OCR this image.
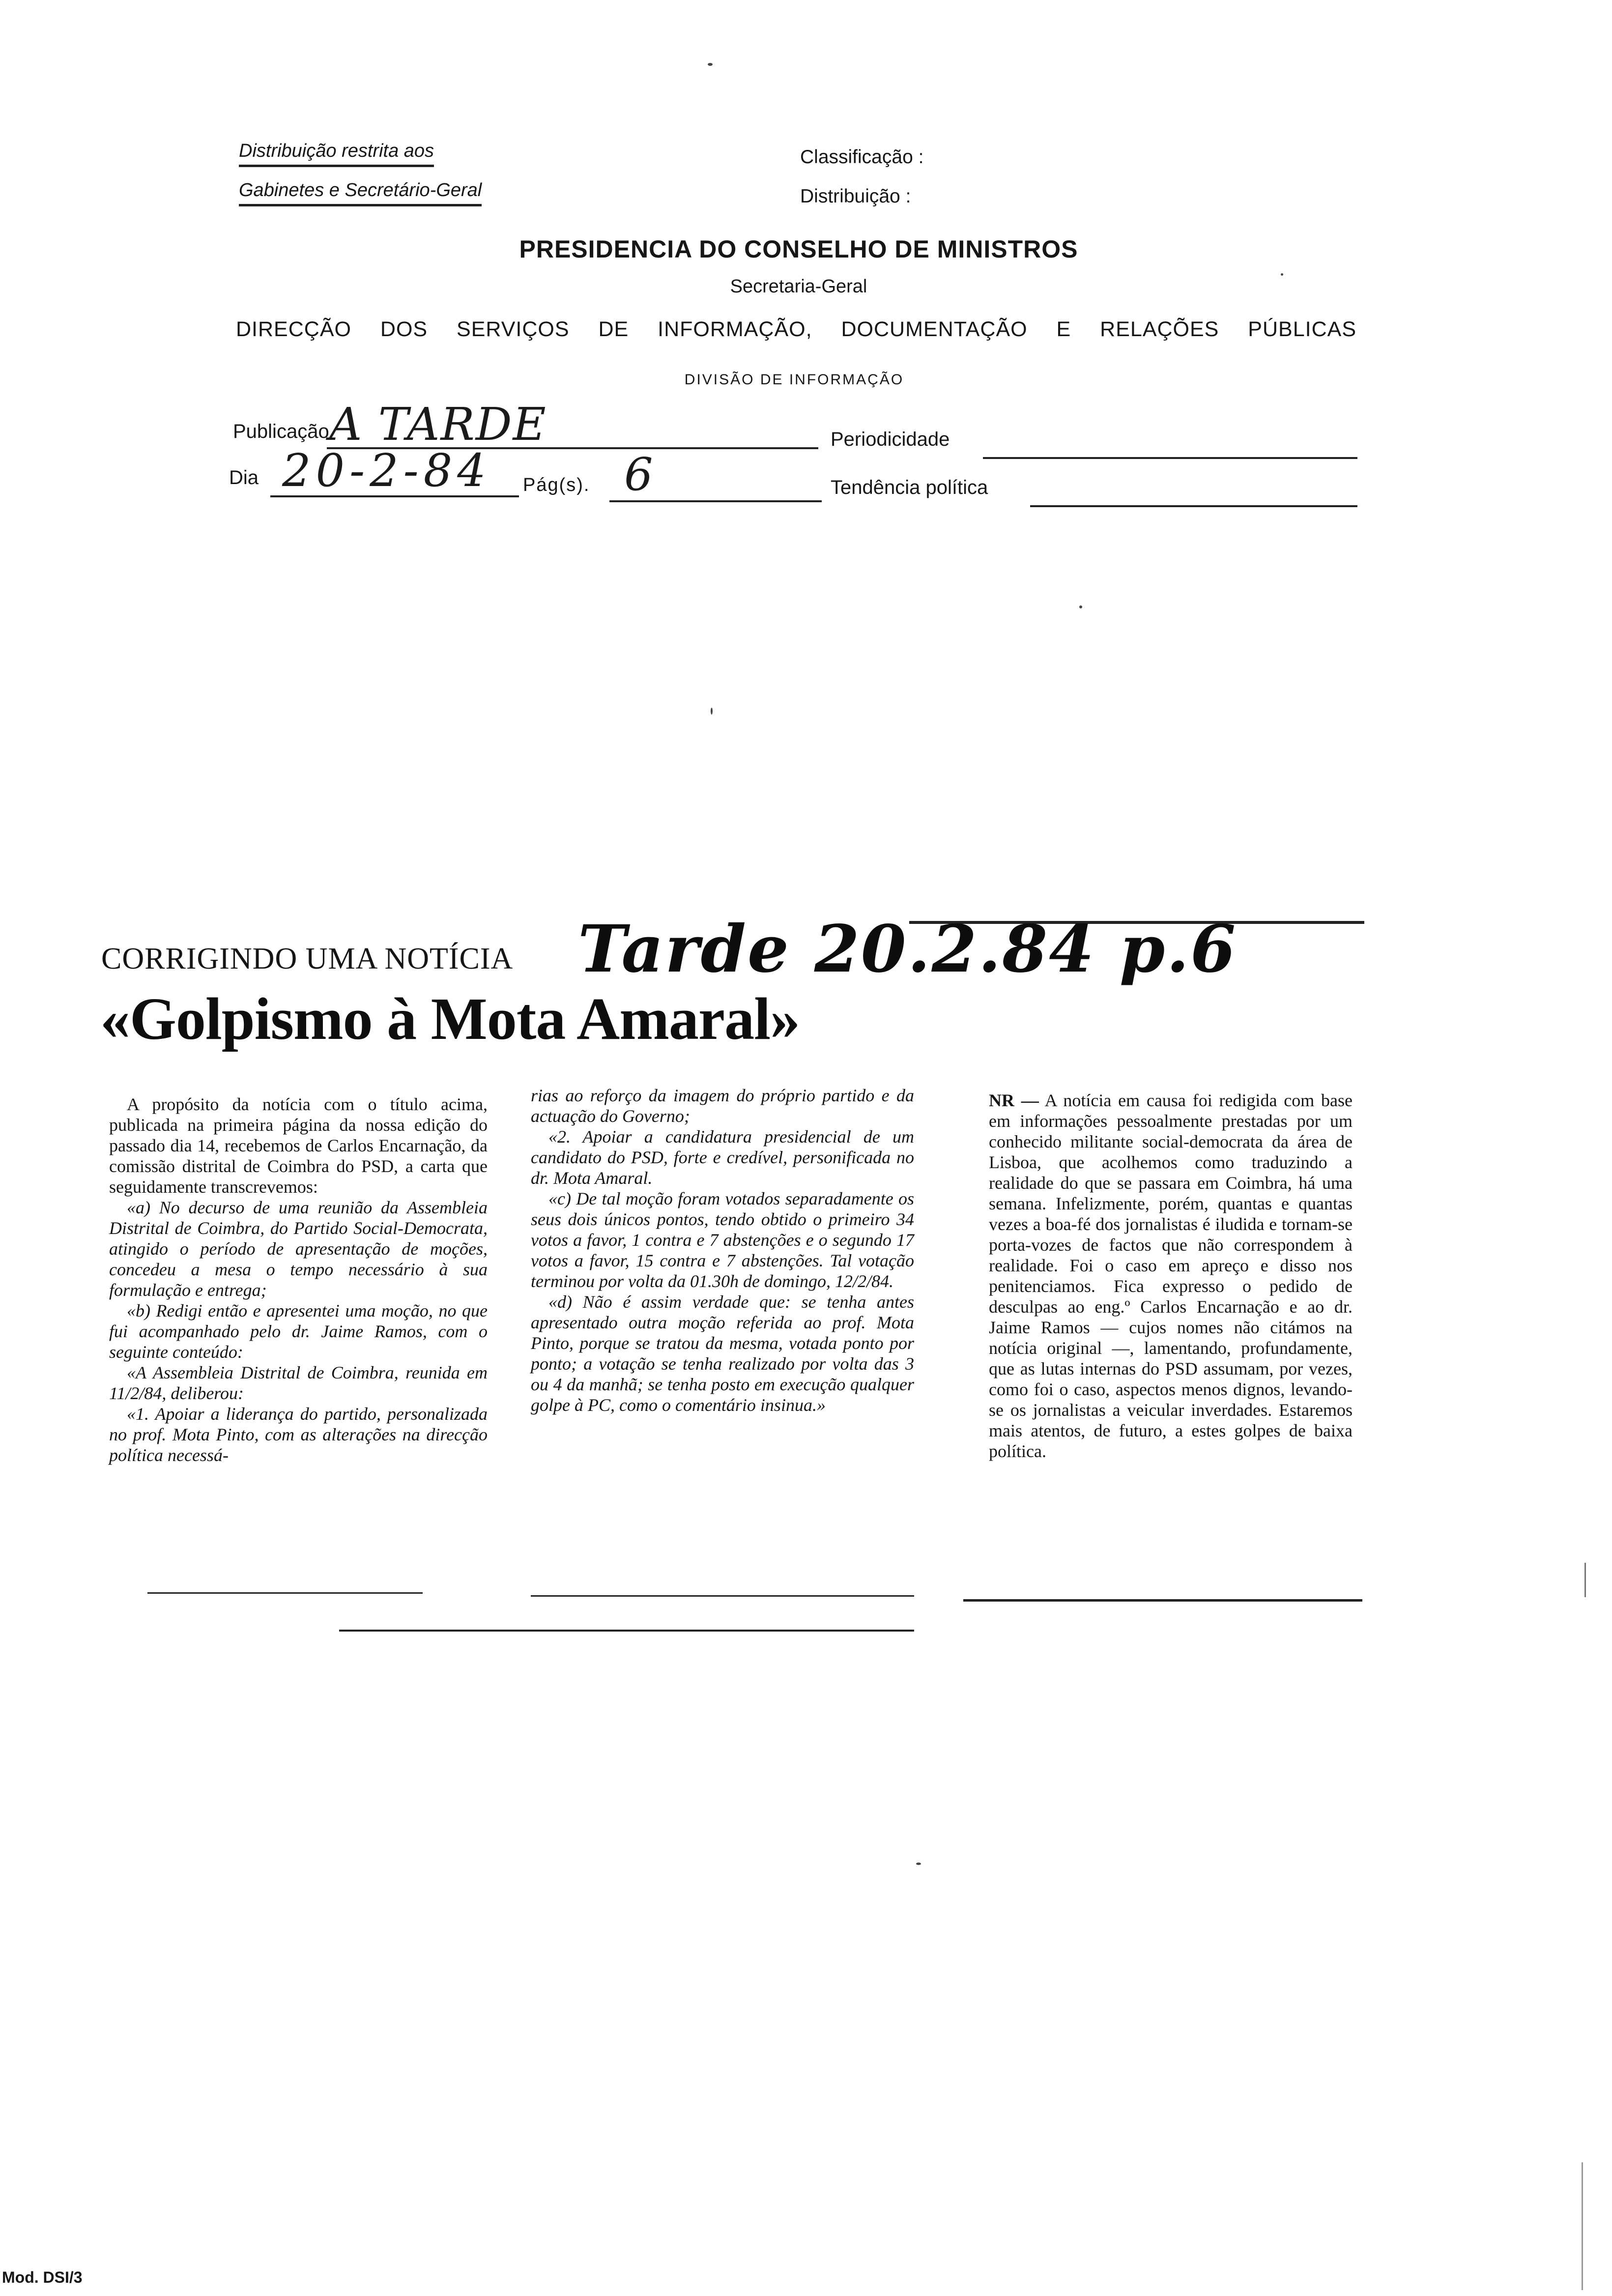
Distribuição restrita aos
Gabinetes e Secretário-Geral
Classificação :
Distribuição :
PRESIDENCIA DO CONSELHO DE MINISTROS
Secretaria-Geral
DIRECÇÃO DOS SERVIÇOS DE INFORMAÇÃO, DOCUMENTAÇÃO E RELAÇÕES PÚBLICAS
DIVISÃO DE INFORMAÇÃO
Publicação A TARDE	Periodicidade
Dia 20-2-84 Pág(s). 6	Tendência política
CORRIGINDO UMA NOTÍCIA Tarde 20.2.84 p.6
«Golpismo à Mota Amaral»

A propósito da notícia com o título acima, publicada na primeira página da nossa edição do passado dia 14, recebemos de Carlos Encarnação, da comissão distrital de Coimbra do PSD, a carta que seguidamente transcrevemos:

«a) No decurso de uma reunião da Assembleia Distrital de Coimbra, do Partido Social-Democrata, atingido o período de apresentação de moções, concedeu a mesa o tempo necessário à sua formulação e entrega;

«b) Redigi então e apresentei uma moção, no que fui acompanhado pelo dr. Jaime Ramos, com o seguinte conteúdo:

«A Assembleia Distrital de Coimbra, reunida em 11/2/84, deliberou:

«1. Apoiar a liderança do partido, personalizada no prof. Mota Pinto, com as alterações na direcção política necessá-

rias ao reforço da imagem do próprio partido e da actuação do Governo;

«2. Apoiar a candidatura presidencial de um candidato do PSD, forte e credível, personificada no dr. Mota Amaral.

«c) De tal moção foram votados separadamente os seus dois únicos pontos, tendo obtido o primeiro 34 votos a favor, 1 contra e 7 abstenções e o segundo 17 votos a favor, 15 contra e 7 abstenções. Tal votação terminou por volta da 01.30h de domingo, 12/2/84.

«d) Não é assim verdade que: se tenha antes apresentado outra moção referida ao prof. Mota Pinto, porque se tratou da mesma, votada ponto por ponto; a votação se tenha realizado por volta das 3 ou 4 da manhã; se tenha posto em execução qualquer golpe à PC, como o comentário insinua.»

NR — A notícia em causa foi redigida com base em informações pessoalmente prestadas por um conhecido militante social-democrata da área de Lisboa, que acolhemos como traduzindo a realidade do que se passara em Coimbra, há uma semana. Infelizmente, porém, quantas e quantas vezes a boa-fé dos jornalistas é iludida e tornam-se porta-vozes de factos que não correspondem à realidade. Foi o caso em apreço e disso nos penitenciamos. Fica expresso o pedido de desculpas ao eng.º Carlos Encarnação e ao dr. Jaime Ramos — cujos nomes não citámos na notícia original —, lamentando, profundamente, que as lutas internas do PSD assumam, por vezes, como foi o caso, aspectos menos dignos, levando-se os jornalistas a veicular inverdades. Estaremos mais atentos, de futuro, a estes golpes de baixa política.

Mod. DSI/3
